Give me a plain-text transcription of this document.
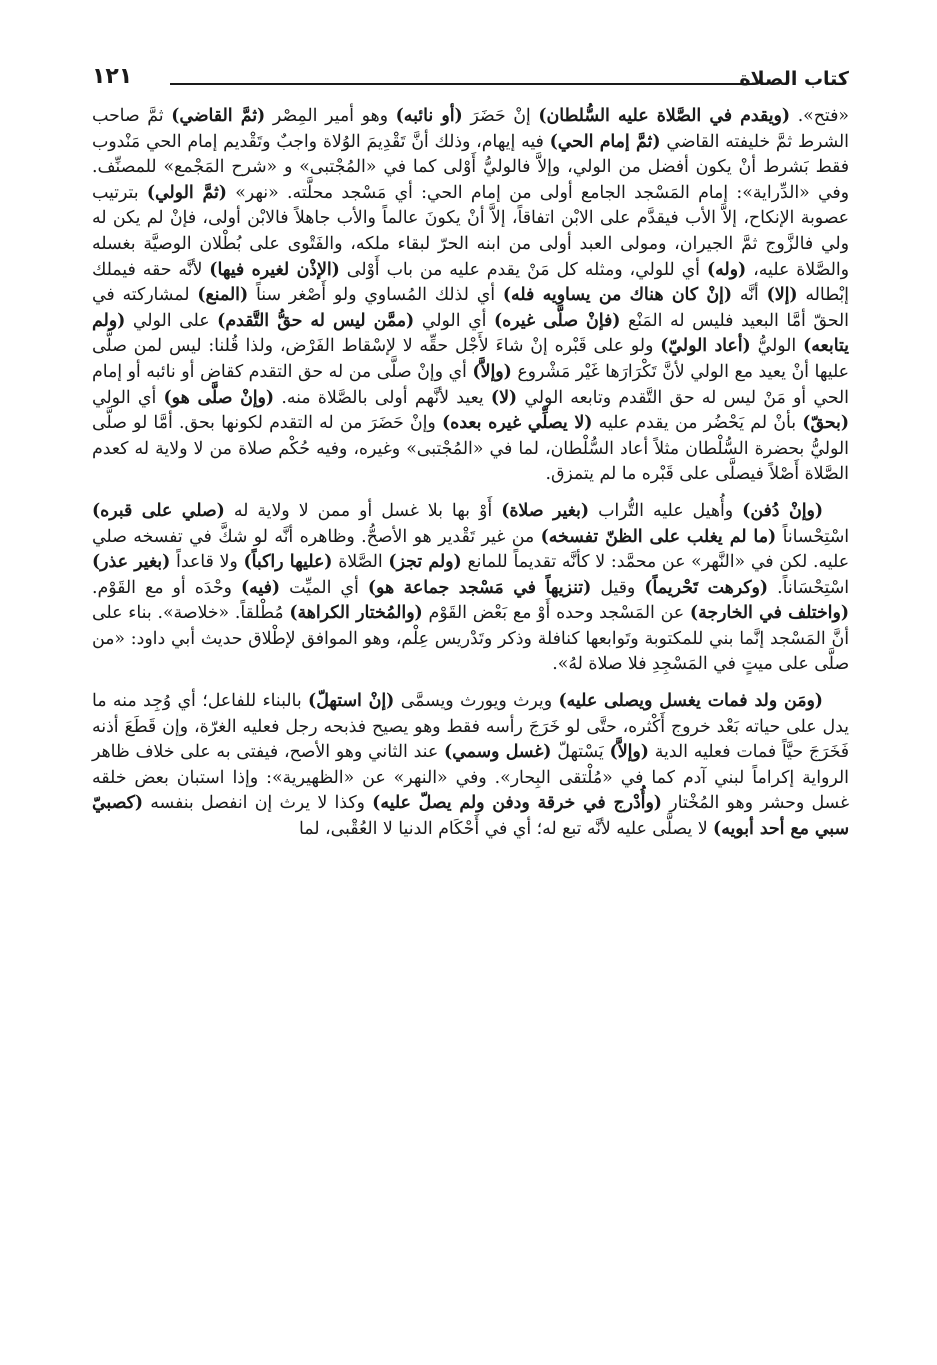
كتاب الصلاة
١٢١

«فتح». (ويقدم في الصَّلاة عليه السُّلطان) إنْ حَضَرَ (أو نائبه) وهو أمير المِصْر (ثمَّ القاضي) ثمَّ صاحب الشرط ثمَّ خليفته القاضي (ثمَّ إمام الحي) فيه إيهام، وذلك أنَّ تَقْدِيمَ الوُلاة واجبٌ وتَقْديم إمام الحي مَنْدوب فقط بَشرط أنْ يكون أفضل من الولي، وإلاَّ فالوليُّ أَوْلى كما في «المُجْتبى» و «شرح المَجْمع» للمصنِّف. وفي «الدِّراية»: إمام المَسْجد الجامع أولى من إمام الحي: أي مَسْجد محلَّته. «نهر» (ثمَّ الولي) بترتيب عصوبة الإنكاح، إلاَّ الأب فيقدَّم على الابْن اتفاقاً، إلاَّ أنْ يكونَ عالماً والأب جاهلاً فالابْن أولى، فإنْ لم يكن له ولي فالزَّوج ثمَّ الجيران، ومولى العبد أولى من ابنه الحرّ لبقاء ملكه، والفَتْوى على بُطْلان الوصيَّة بغسله والصَّلاة عليه، (وله) أي للولي، ومثله كل مَنْ يقدم عليه من باب أَوْلى (الإذْن لغيره فيها) لأنَّه حقه فيملك إبْطاله (إلا) أنَّه (إنْ كان هناك من يساويه فله) أي لذلك المُساوي ولو أَصْغر سناً (المنع) لمشاركته في الحقّ أمَّا البعيد فليس له المَنْع (فإنْ صلَّى غيره) أي الولي (ممَّن ليس له حقُّ التَّقدم) على الولي (ولم يتابعه) الوليُّ (أعاد الوليّ) ولو على قَبْره إنْ شاءَ لأَجْل حقِّه لا لإسْقاط الفَرْض، ولذا قُلنا: ليس لمن صلَّى عليها أنْ يعيد مع الولي لأنَّ تَكْرَارَها غَيْر مَشْروع (وإلاَّ) أي وإنْ صلَّى من له حق التقدم كقاض أو نائبه أو إمام الحي أو مَنْ ليس له حق التَّقدم وتابعه الولي (لا) يعيد لأنَّهم أولى بالصَّلاة منه. (وإنْ صلَّى هو) أي الولي (بحقّ) بأنْ لم يَحْضُر من يقدم عليه (لا يصلِّي غيره بعده) وإنْ حَضَرَ من له التقدم لكونها بحق. أمَّا لو صلَّى الوليُّ بحضرة السُّلْطان مثلاً أعاد السُّلْطان، لما في «المُجْتبى» وغيره، وفيه حُكْم صلاة من لا ولاية له كعدم الصَّلاة أَصْلاً فيصلَّى على قَبْره ما لم يتمزق.

(وإنْ دُفن) وأُهيل عليه التُّراب (بغير صلاة) أَوْ بها بلا غسل أو ممن لا ولاية له (صلي على قبره) اسْتِحْساناً (ما لم يغلب على الظنّ تفسخه) من غير تَقْدير هو الأصحُّ. وظاهره أنَّه لو شكَّ في تفسخه صلي عليه. لكن في «النَّهر» عن محمَّد: لا كأنَّه تقديماً للمانع (ولم تجز) الصَّلاة (عليها راكباً) ولا قاعداً (بغير عذر) اسْتِحْسَاناً. (وكرهت تَحْريماً) وقيل (تنزيهاً في مَسْجد جماعة هو) أي الميِّت (فيه) وحْدَه أو مع القَوْم. (واختلف في الخارجة) عن المَسْجد وحده أَوْ مع بَعْض القَوْم (والمُختار الكراهة) مُطْلقاً. «خلاصة». بناء على أنَّ المَسْجد إنَّما بني للمكتوبة وتَوابعها كنافلة وذكر وتَدْريس عِلْم، وهو الموافق لإطْلاق حديث أبي داود: «من صلَّى على ميتٍ في المَسْجِدِ فلا صلاة لهُ».

(ومَن ولد فمات يغسل ويصلى عليه) ويرث ويورث ويسمَّى (إنْ استهلّ) بالبناء للفاعل؛ أي وُجِد منه ما يدل على حياته بَعْد خروج أَكْثره، حتَّى لو خَرَجَ رأسه فقط وهو يصيح فذبحه رجل فعليه الغرّة، وإن قَطَعَ أذنه فَخَرَجَ حيَّاً فمات فعليه الدية (وإلاَّ) يَسْتهلّ (غسل وسمي) عند الثاني وهو الأصح، فيفتى به على خلاف ظاهر الرواية إكراماً لبني آدم كما في «مُلْتقى البِحار». وفي «النهر» عن «الظهيرية»: وإذا استبان بعض خلقه غسل وحشر وهو المُخْتار (وأُدْرج في خرقة ودفن ولم يصلّ عليه) وكذا لا يرث إن انفصل بنفسه (كصبيّ سبي مع أحد أبويه) لا يصلَّى عليه لأنَّه تبع له؛ أي في أَحْكَام الدنيا لا العُقْبى، لما
